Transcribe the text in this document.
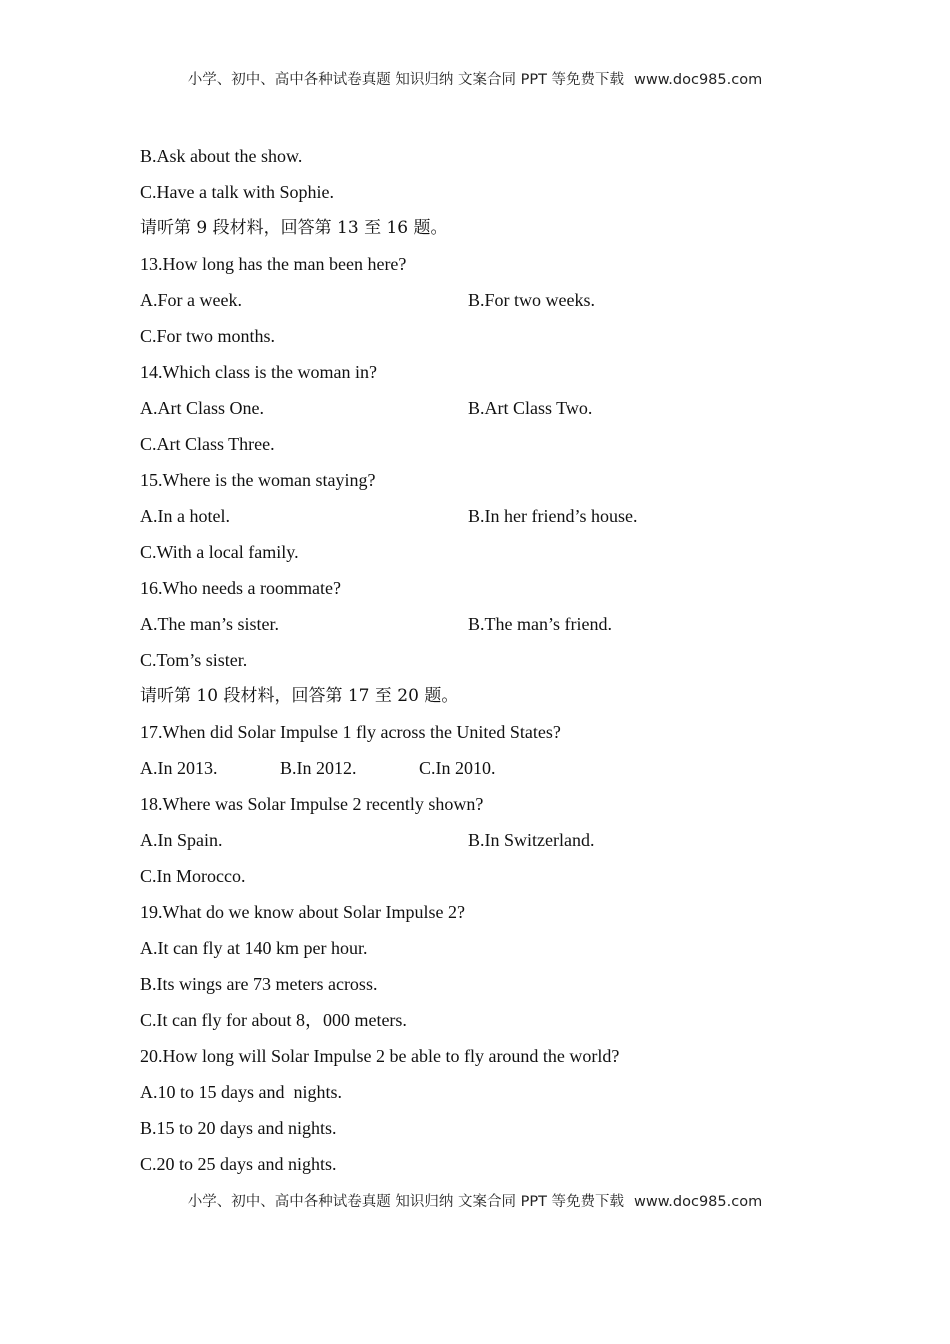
小学、初中、高中各种试卷真题 知识归纳 文案合同 PPT 等免费下载 www.doc985.com
B.Ask about the show.
C.Have a talk with Sophie.
请听第 9 段材料，回答第 13 至 16 题。
13.How long has the man been here?
A.For a week.	B.For two weeks.
C.For two months.
14.Which class is the woman in?
A.Art Class One.	B.Art Class Two.
C.Art Class Three.
15.Where is the woman staying?
A.In a hotel.	B.In her friend’s house.
C.With a local family.
16.Who needs a roommate?
A.The man’s sister.	B.The man’s friend.
C.Tom’s sister.
请听第 10 段材料，回答第 17 至 20 题。
17.When did Solar Impulse 1 fly across the United States?
A.In 2013.	B.In 2012.	C.In 2010.
18.Where was Solar Impulse 2 recently shown?
A.In Spain.	B.In Switzerland.
C.In Morocco.
19.What do we know about Solar Impulse 2?
A.It can fly at 140 km per hour.
B.Its wings are 73 meters across.
C.It can fly for about 8，000 meters.
20.How long will Solar Impulse 2 be able to fly around the world?
A.10 to 15 days and  nights.
B.15 to 20 days and nights.
C.20 to 25 days and nights.
小学、初中、高中各种试卷真题 知识归纳 文案合同 PPT 等免费下载 www.doc985.com
